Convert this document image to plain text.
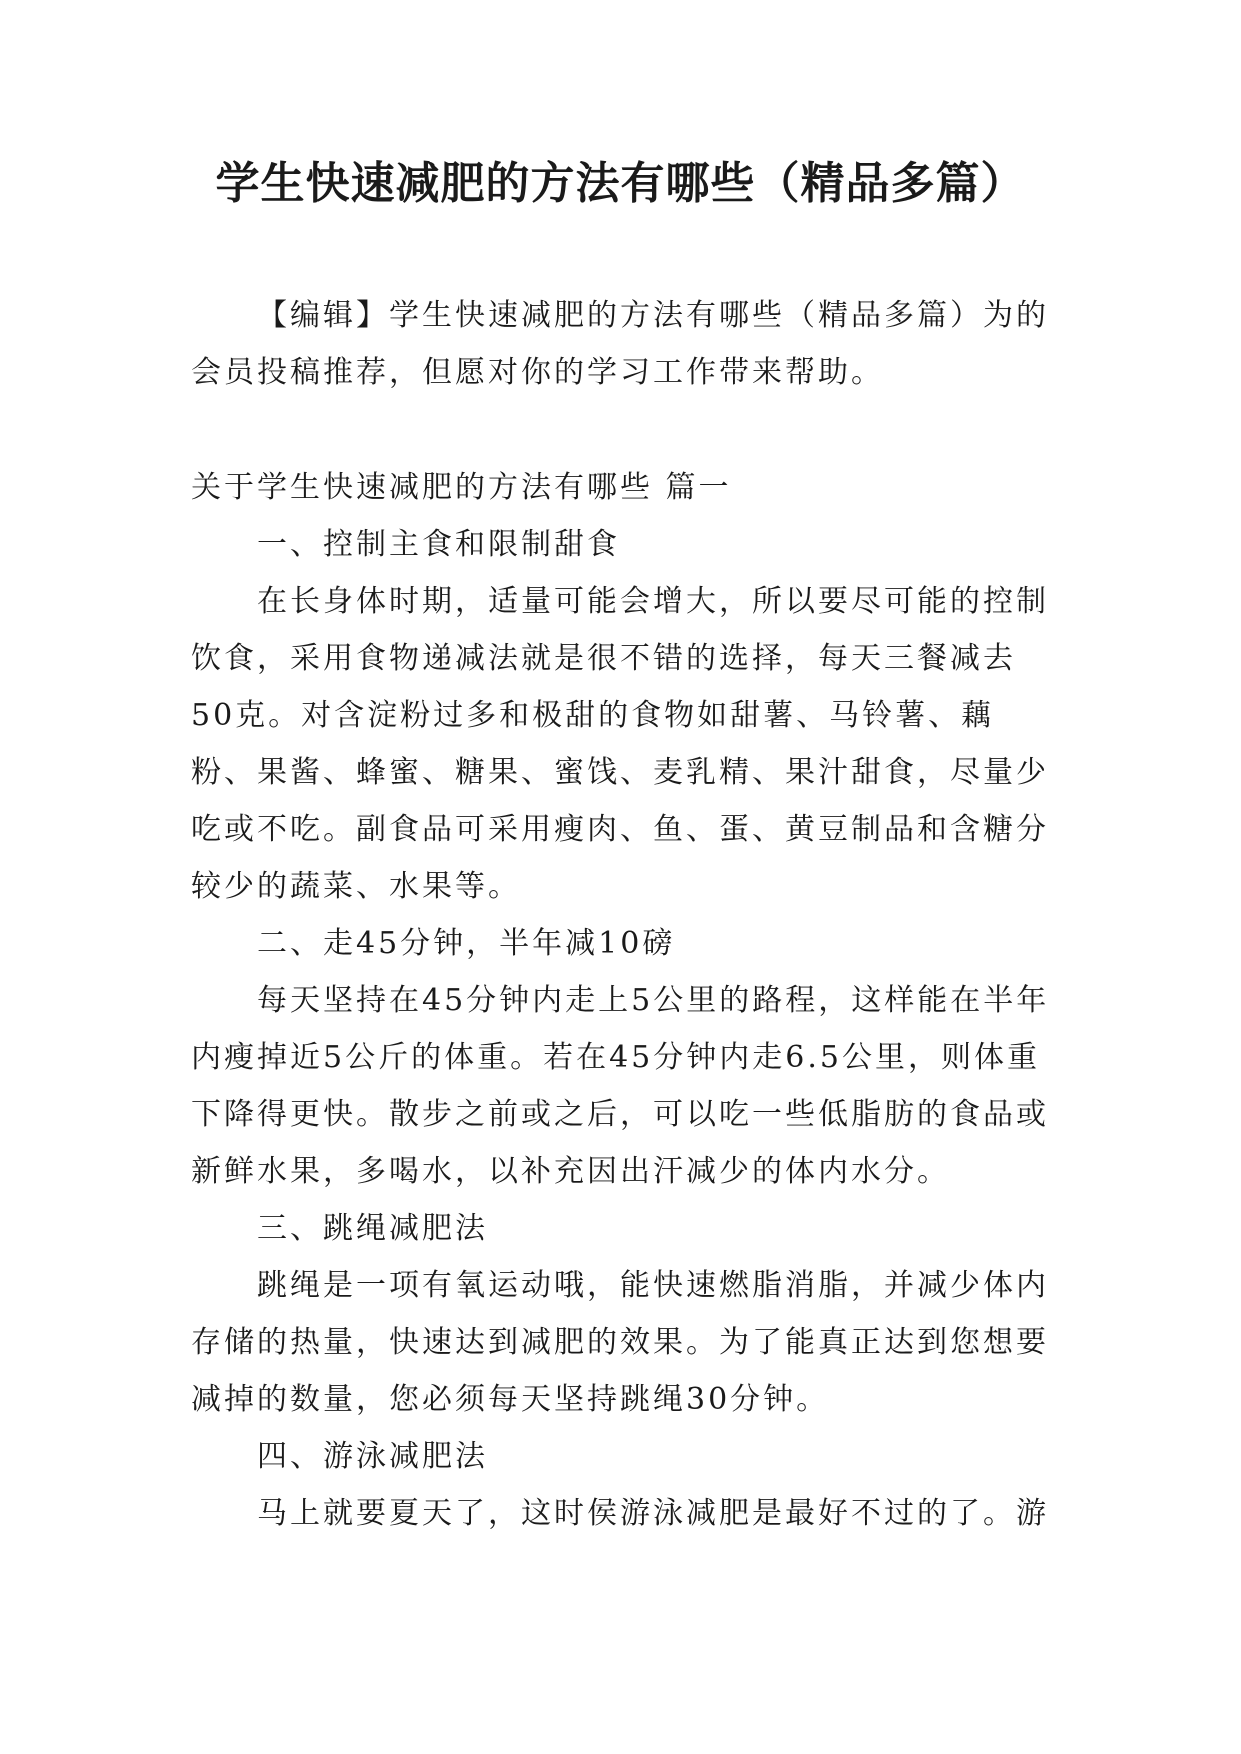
学生快速减肥的方法有哪些（精品多篇）

【编辑】学生快速减肥的方法有哪些（精品多篇）为的会员投稿推荐，但愿对你的学习工作带来帮助。

关于学生快速减肥的方法有哪些 篇一

一、控制主食和限制甜食

在长身体时期，适量可能会增大，所以要尽可能的控制饮食，采用食物递减法就是很不错的选择，每天三餐减去50克。对含淀粉过多和极甜的食物如甜薯、马铃薯、藕粉、果酱、蜂蜜、糖果、蜜饯、麦乳精、果汁甜食，尽量少吃或不吃。副食品可采用瘦肉、鱼、蛋、黄豆制品和含糖分较少的蔬菜、水果等。

二、走45分钟，半年减10磅

每天坚持在45分钟内走上5公里的路程，这样能在半年内瘦掉近5公斤的体重。若在45分钟内走6.5公里，则体重下降得更快。散步之前或之后，可以吃一些低脂肪的食品或新鲜水果，多喝水，以补充因出汗减少的体内水分。

三、跳绳减肥法

跳绳是一项有氧运动哦，能快速燃脂消脂，并减少体内存储的热量，快速达到减肥的效果。为了能真正达到您想要减掉的数量，您必须每天坚持跳绳30分钟。

四、游泳减肥法

马上就要夏天了，这时侯游泳减肥是最好不过的了。游
